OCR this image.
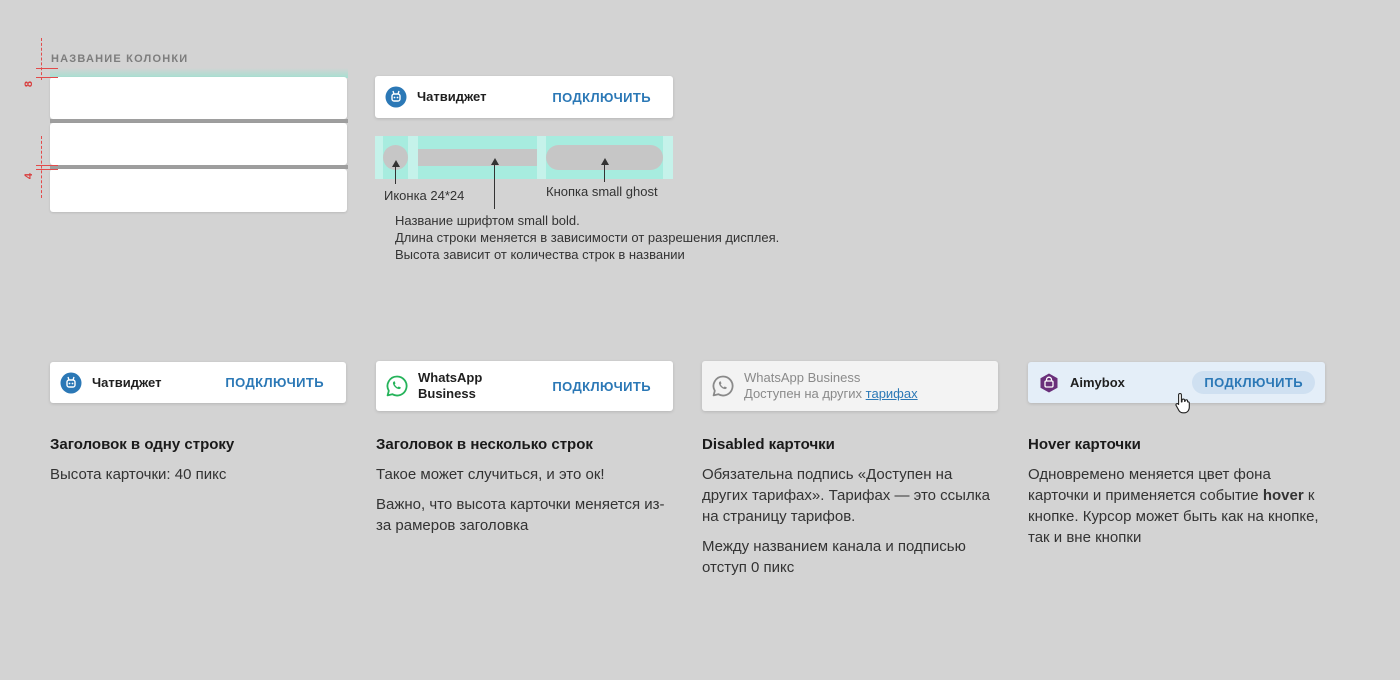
НАЗВАНИЕ КОЛОНКИ
8
4
Чатвиджет	ПОДКЛЮЧИТЬ
Иконка 24*24	Кнопка small ghost
Название шрифтом small bold.
Длина строки меняется в зависимости от разрешения дисплея.
Высота зависит от количества строк в названии
Чатвиджет	ПОДКЛЮЧИТЬ	WhatsApp
Business	ПОДКЛЮЧИТЬ
WhatsApp Business
Доступен на других тарифах
Aimybox	ПОДКЛЮЧИТЬ
Заголовок в одну строку

Высота карточки: 40 пикс

Заголовок в несколько строк

Такое может случиться, и это ок!

Важно, что высота карточки меняется из-за рамеров заголовка

Disabled карточки

Обязательна подпись «Доступен на других тарифах». Тарифах — это ссылка на страницу тарифов.

Между названием канала и подписью отступ 0 пикс

Hover карточки

Одновремено меняется цвет фона карточки и применяется событие hover к кнопке. Курсор может быть как на кнопке, так и вне кнопки
